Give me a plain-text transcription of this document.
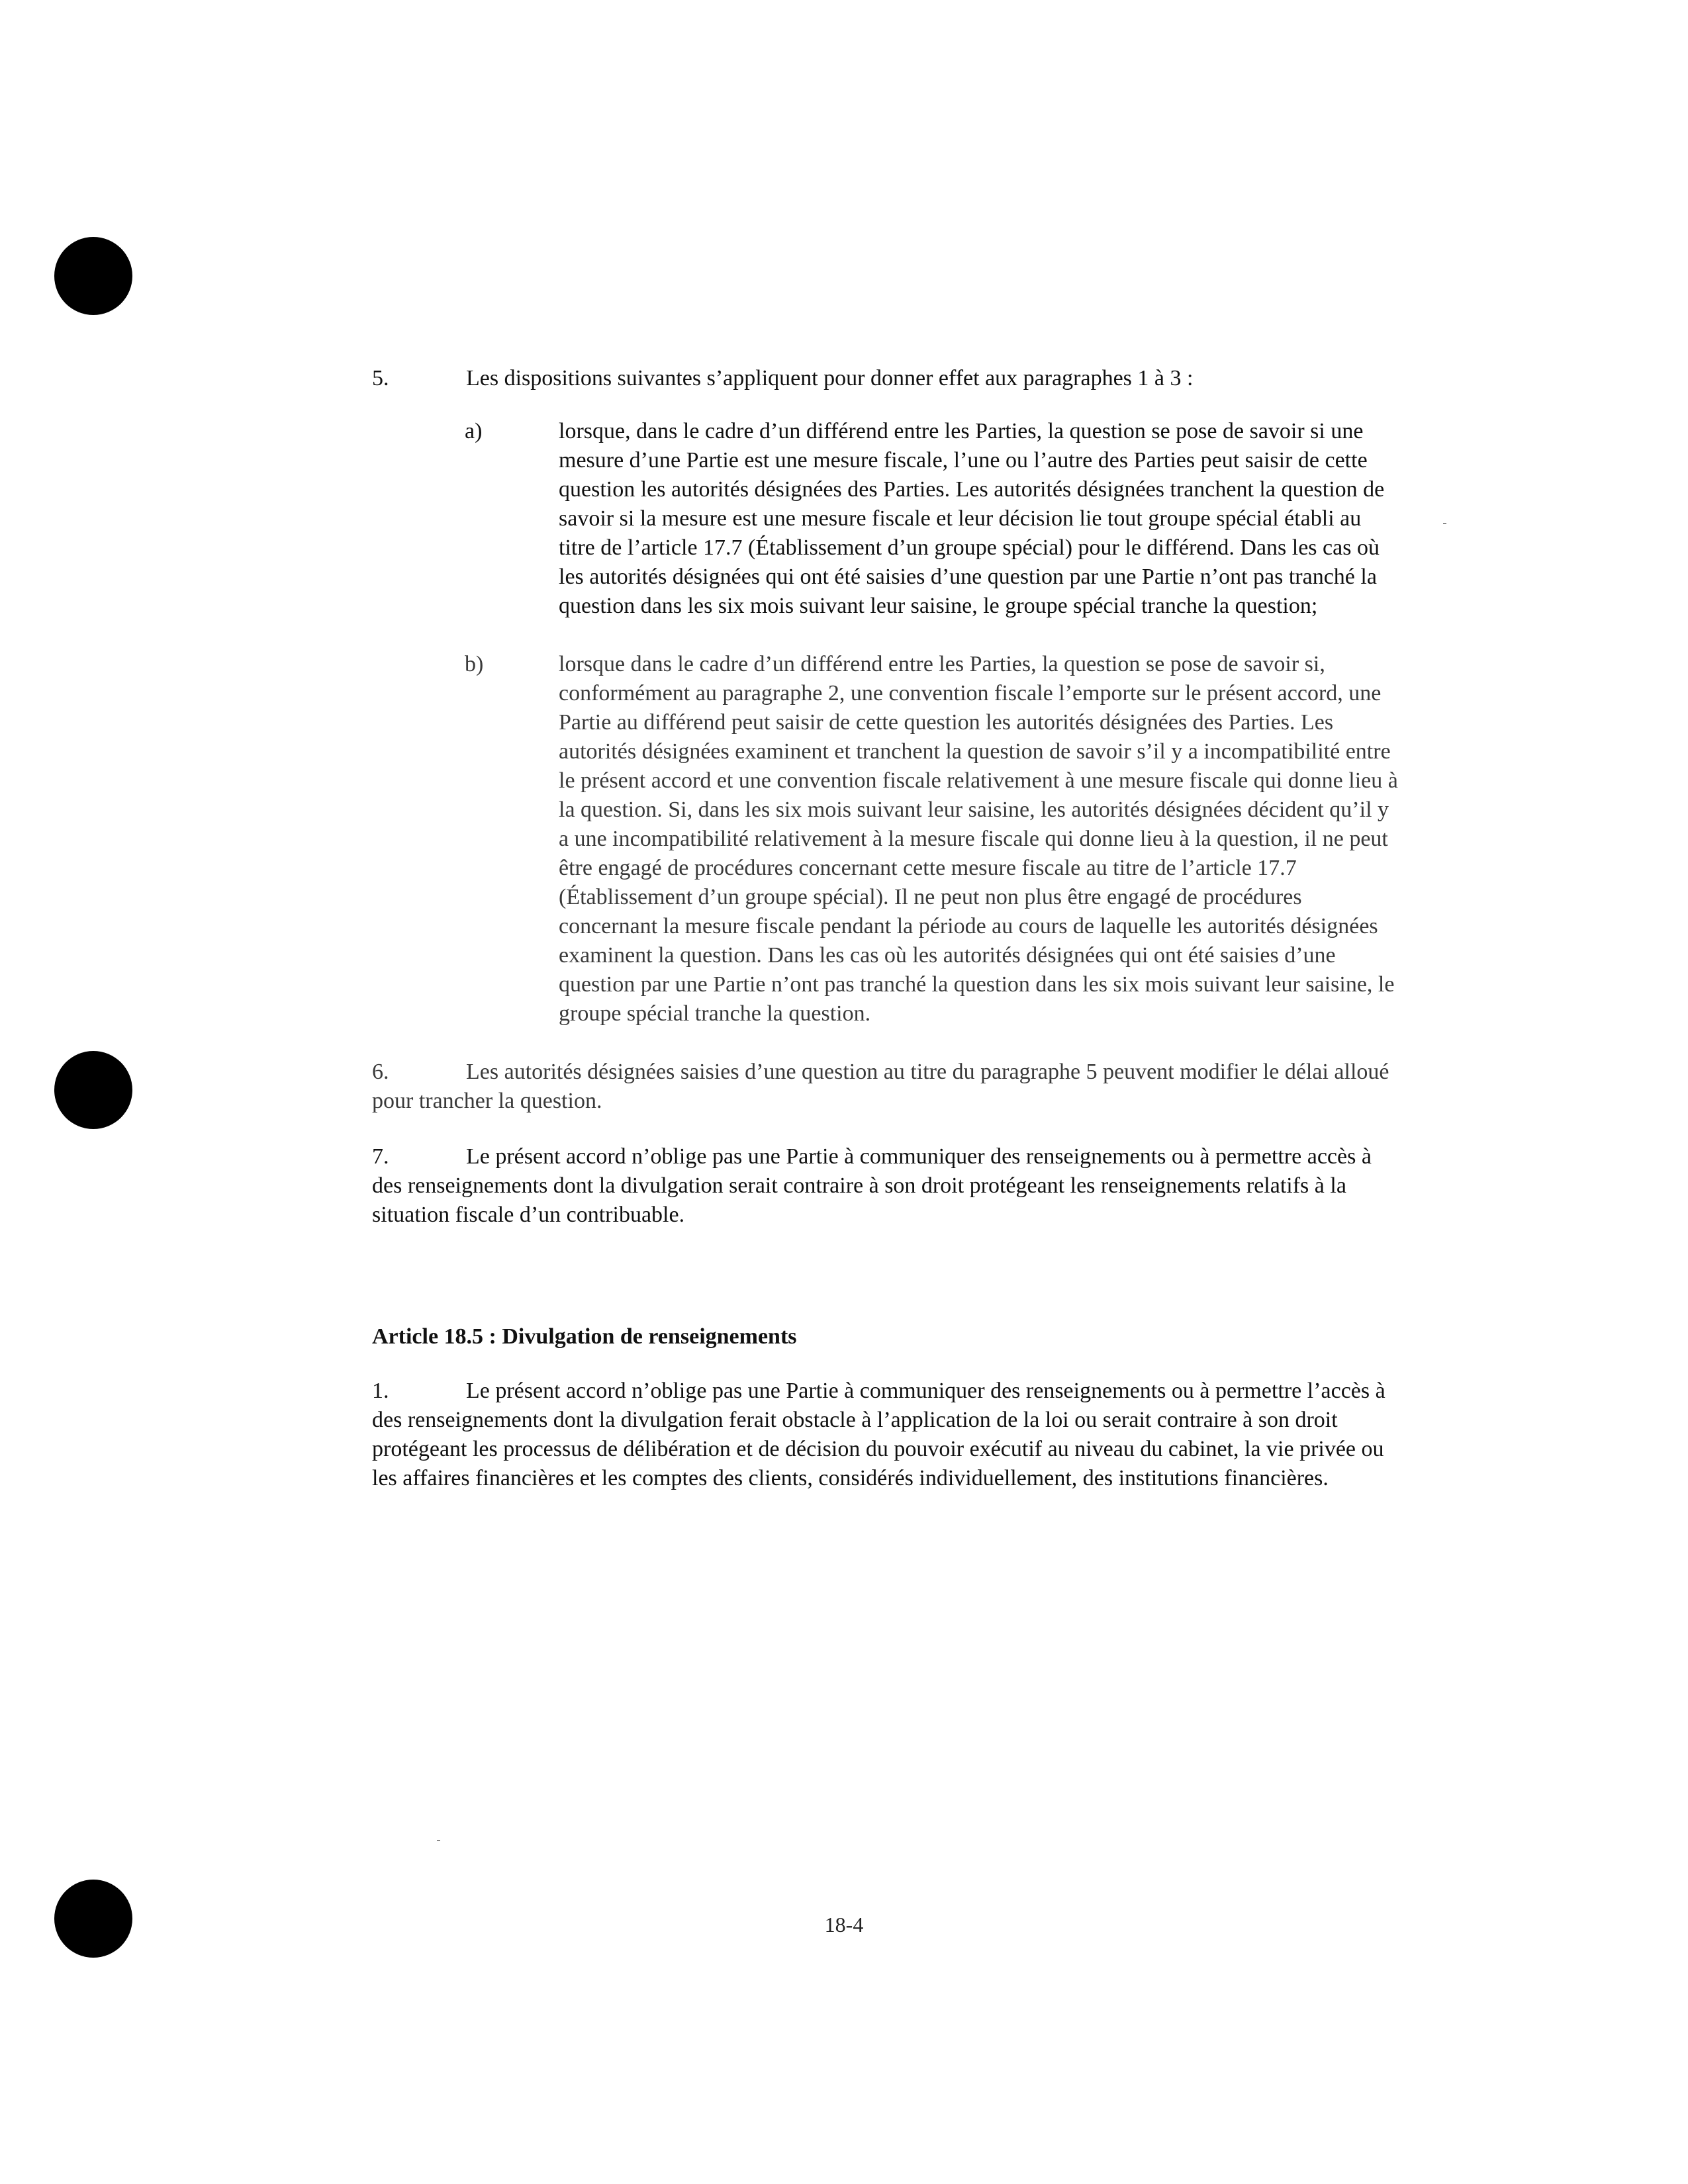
5.	Les dispositions suivantes s’appliquent pour donner effet aux paragraphes 1 à 3 :

a)	lorsque, dans le cadre d’un différend entre les Parties, la question se pose de savoir si une mesure d’une Partie est une mesure fiscale, l’une ou l’autre des Parties peut saisir de cette question les autorités désignées des Parties. Les autorités désignées tranchent la question de savoir si la mesure est une mesure fiscale et leur décision lie tout groupe spécial établi au titre de l’article 17.7 (Établissement d’un groupe spécial) pour le différend. Dans les cas où les autorités désignées qui ont été saisies d’une question par une Partie n’ont pas tranché la question dans les six mois suivant leur saisine, le groupe spécial tranche la question;
b)	lorsque dans le cadre d’un différend entre les Parties, la question se pose de savoir si, conformément au paragraphe 2, une convention fiscale l’emporte sur le présent accord, une Partie au différend peut saisir de cette question les autorités désignées des Parties. Les autorités désignées examinent et tranchent la question de savoir s’il y a incompatibilité entre le présent accord et une convention fiscale relativement à une mesure fiscale qui donne lieu à la question. Si, dans les six mois suivant leur saisine, les autorités désignées décident qu’il y a une incompatibilité relativement à la mesure fiscale qui donne lieu à la question, il ne peut être engagé de procédures concernant cette mesure fiscale au titre de l’article 17.7 (Établissement d’un groupe spécial). Il ne peut non plus être engagé de procédures concernant la mesure fiscale pendant la période au cours de laquelle les autorités désignées examinent la question. Dans les cas où les autorités désignées qui ont été saisies d’une question par une Partie n’ont pas tranché la question dans les six mois suivant leur saisine, le groupe spécial tranche la question.

6.	Les autorités désignées saisies d’une question au titre du paragraphe 5 peuvent modifier le délai alloué pour trancher la question.

7.	Le présent accord n’oblige pas une Partie à communiquer des renseignements ou à permettre accès à des renseignements dont la divulgation serait contraire à son droit protégeant les renseignements relatifs à la situation fiscale d’un contribuable.

Article 18.5 : Divulgation de renseignements

1.	Le présent accord n’oblige pas une Partie à communiquer des renseignements ou à permettre l’accès à des renseignements dont la divulgation ferait obstacle à l’application de la loi ou serait contraire à son droit protégeant les processus de délibération et de décision du pouvoir exécutif au niveau du cabinet, la vie privée ou les affaires financières et les comptes des clients, considérés individuellement, des institutions financières.

18-4
